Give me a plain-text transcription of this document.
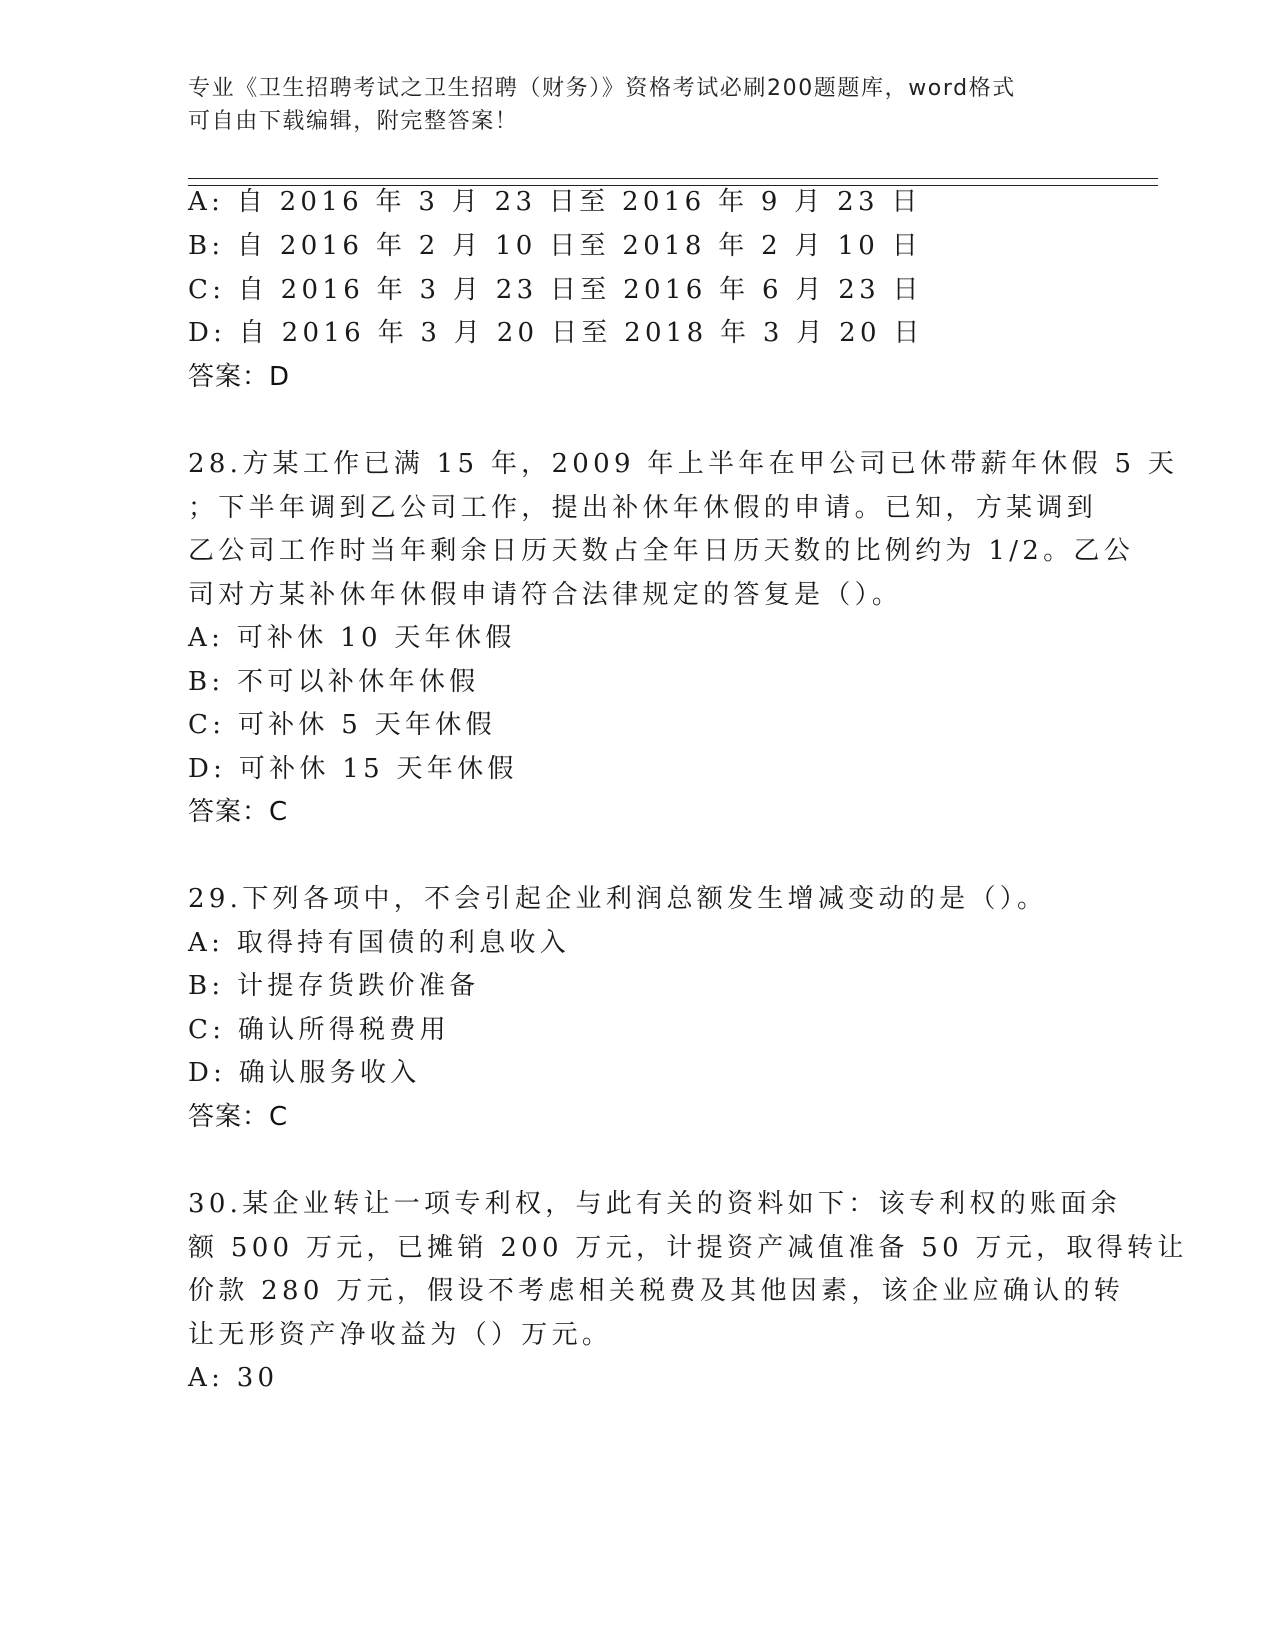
专业《卫生招聘考试之卫生招聘（财务）》资格考试必刷200题题库，word格式
可自由下载编辑，附完整答案！
A: 自 2016 年 3 月 23 日至 2016 年 9 月 23 日
B: 自 2016 年 2 月 10 日至 2018 年 2 月 10 日
C: 自 2016 年 3 月 23 日至 2016 年 6 月 23 日
D: 自 2016 年 3 月 20 日至 2018 年 3 月 20 日
答案：D
28.方某工作已满 15 年，2009 年上半年在甲公司已休带薪年休假 5 天
；下半年调到乙公司工作，提出补休年休假的申请。已知，方某调到
乙公司工作时当年剩余日历天数占全年日历天数的比例约为 1/2。乙公
司对方某补休年休假申请符合法律规定的答复是（）。
A: 可补休 10 天年休假
B: 不可以补休年休假
C: 可补休 5 天年休假
D: 可补休 15 天年休假
答案：C
29.下列各项中，不会引起企业利润总额发生增减变动的是（）。
A: 取得持有国债的利息收入
B: 计提存货跌价准备
C: 确认所得税费用
D: 确认服务收入
答案：C
30.某企业转让一项专利权，与此有关的资料如下：该专利权的账面余
额 500 万元，已摊销 200 万元，计提资产减值准备 50 万元，取得转让
价款 280 万元，假设不考虑相关税费及其他因素，该企业应确认的转
让无形资产净收益为（）万元。
A: 30
